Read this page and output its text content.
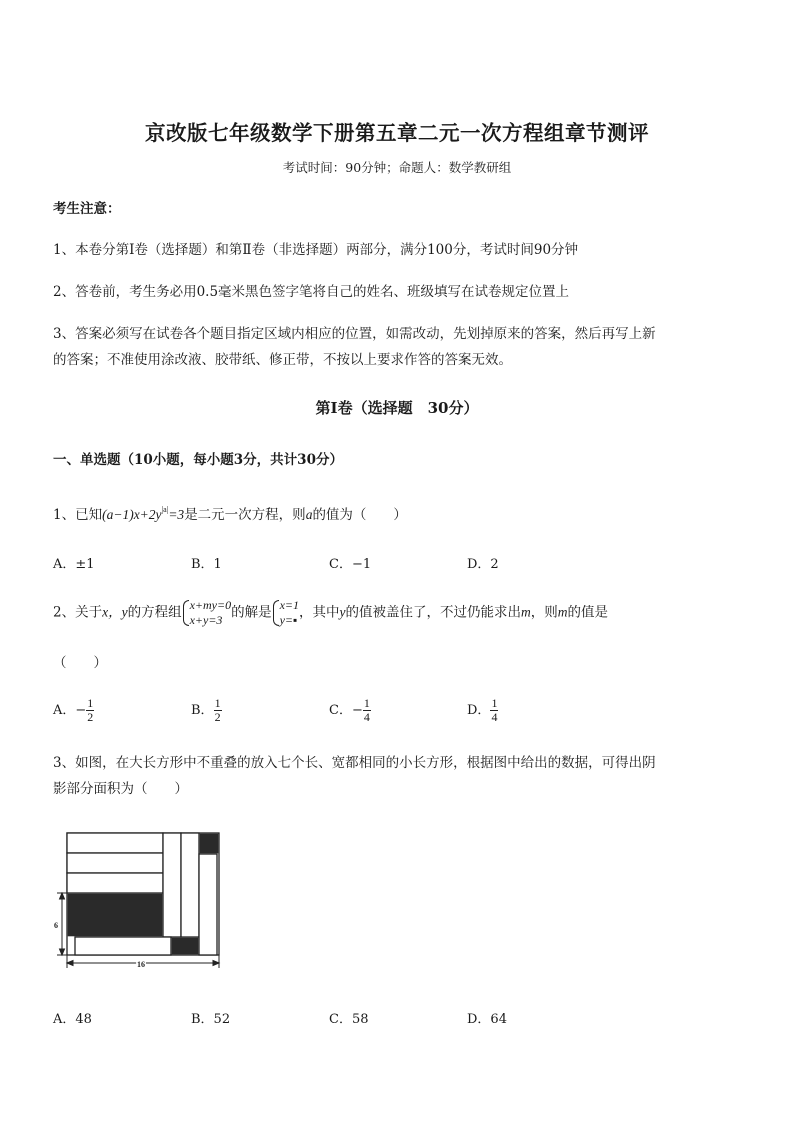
京改版七年级数学下册第五章二元一次方程组章节测评
考试时间：90分钟；命题人：数学教研组
考生注意：
1、本卷分第Ⅰ卷（选择题）和第Ⅱ卷（非选择题）两部分，满分100分，考试时间90分钟
2、答卷前，考生务必用0.5毫米黑色签字笔将自己的姓名、班级填写在试卷规定位置上
3、答案必须写在试卷各个题目指定区域内相应的位置，如需改动，先划掉原来的答案，然后再写上新
的答案；不准使用涂改液、胶带纸、修正带，不按以上要求作答的答案无效。
第Ⅰ卷（选择题　30分）
一、单选题（10小题，每小题3分，共计30分）
1、已知$(a-1)x+2y^{|a|}=3$是二元一次方程，则a的值为（　　）
A．±1	B．1	C．−1	D．2
2、关于x，y的方程组 x+my=0
x+y=3 的解是 x=1
y=▪ ，其中y的值被盖住了，不过仍能求出m，则m的值是
（　　）
A．− $\frac{1}{2}$	B． $\frac{1}{2}$	C．− $\frac{1}{4}$	D． $\frac{1}{4}$
3、如图，在大长方形中不重叠的放入七个长、宽都相同的小长方形，根据图中给出的数据，可得出阴
影部分面积为（　　）
6
16
A．48	B．52	C．58	D．64
